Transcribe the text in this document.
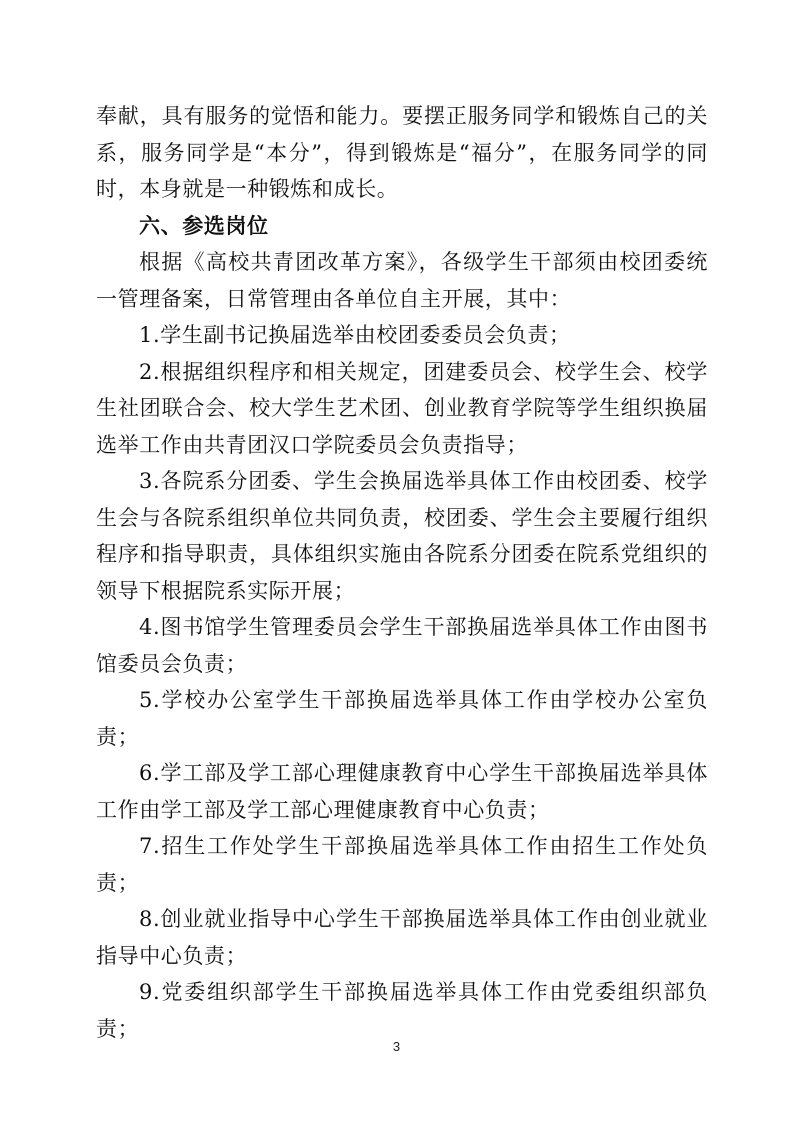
奉献，具有服务的觉悟和能力。要摆正服务同学和锻炼自己的关系，服务同学是“本分”，得到锻炼是“福分”，在服务同学的同时，本身就是一种锻炼和成长。

六、参选岗位

根据《高校共青团改革方案》，各级学生干部须由校团委统一管理备案，日常管理由各单位自主开展，其中：

1.学生副书记换届选举由校团委委员会负责；

2.根据组织程序和相关规定，团建委员会、校学生会、校学生社团联合会、校大学生艺术团、创业教育学院等学生组织换届选举工作由共青团汉口学院委员会负责指导；

3.各院系分团委、学生会换届选举具体工作由校团委、校学生会与各院系组织单位共同负责，校团委、学生会主要履行组织程序和指导职责，具体组织实施由各院系分团委在院系党组织的领导下根据院系实际开展；

4.图书馆学生管理委员会学生干部换届选举具体工作由图书馆委员会负责；

5.学校办公室学生干部换届选举具体工作由学校办公室负责；

6.学工部及学工部心理健康教育中心学生干部换届选举具体工作由学工部及学工部心理健康教育中心负责；

7.招生工作处学生干部换届选举具体工作由招生工作处负责；

8.创业就业指导中心学生干部换届选举具体工作由创业就业指导中心负责；

9.党委组织部学生干部换届选举具体工作由党委组织部负责；

3
